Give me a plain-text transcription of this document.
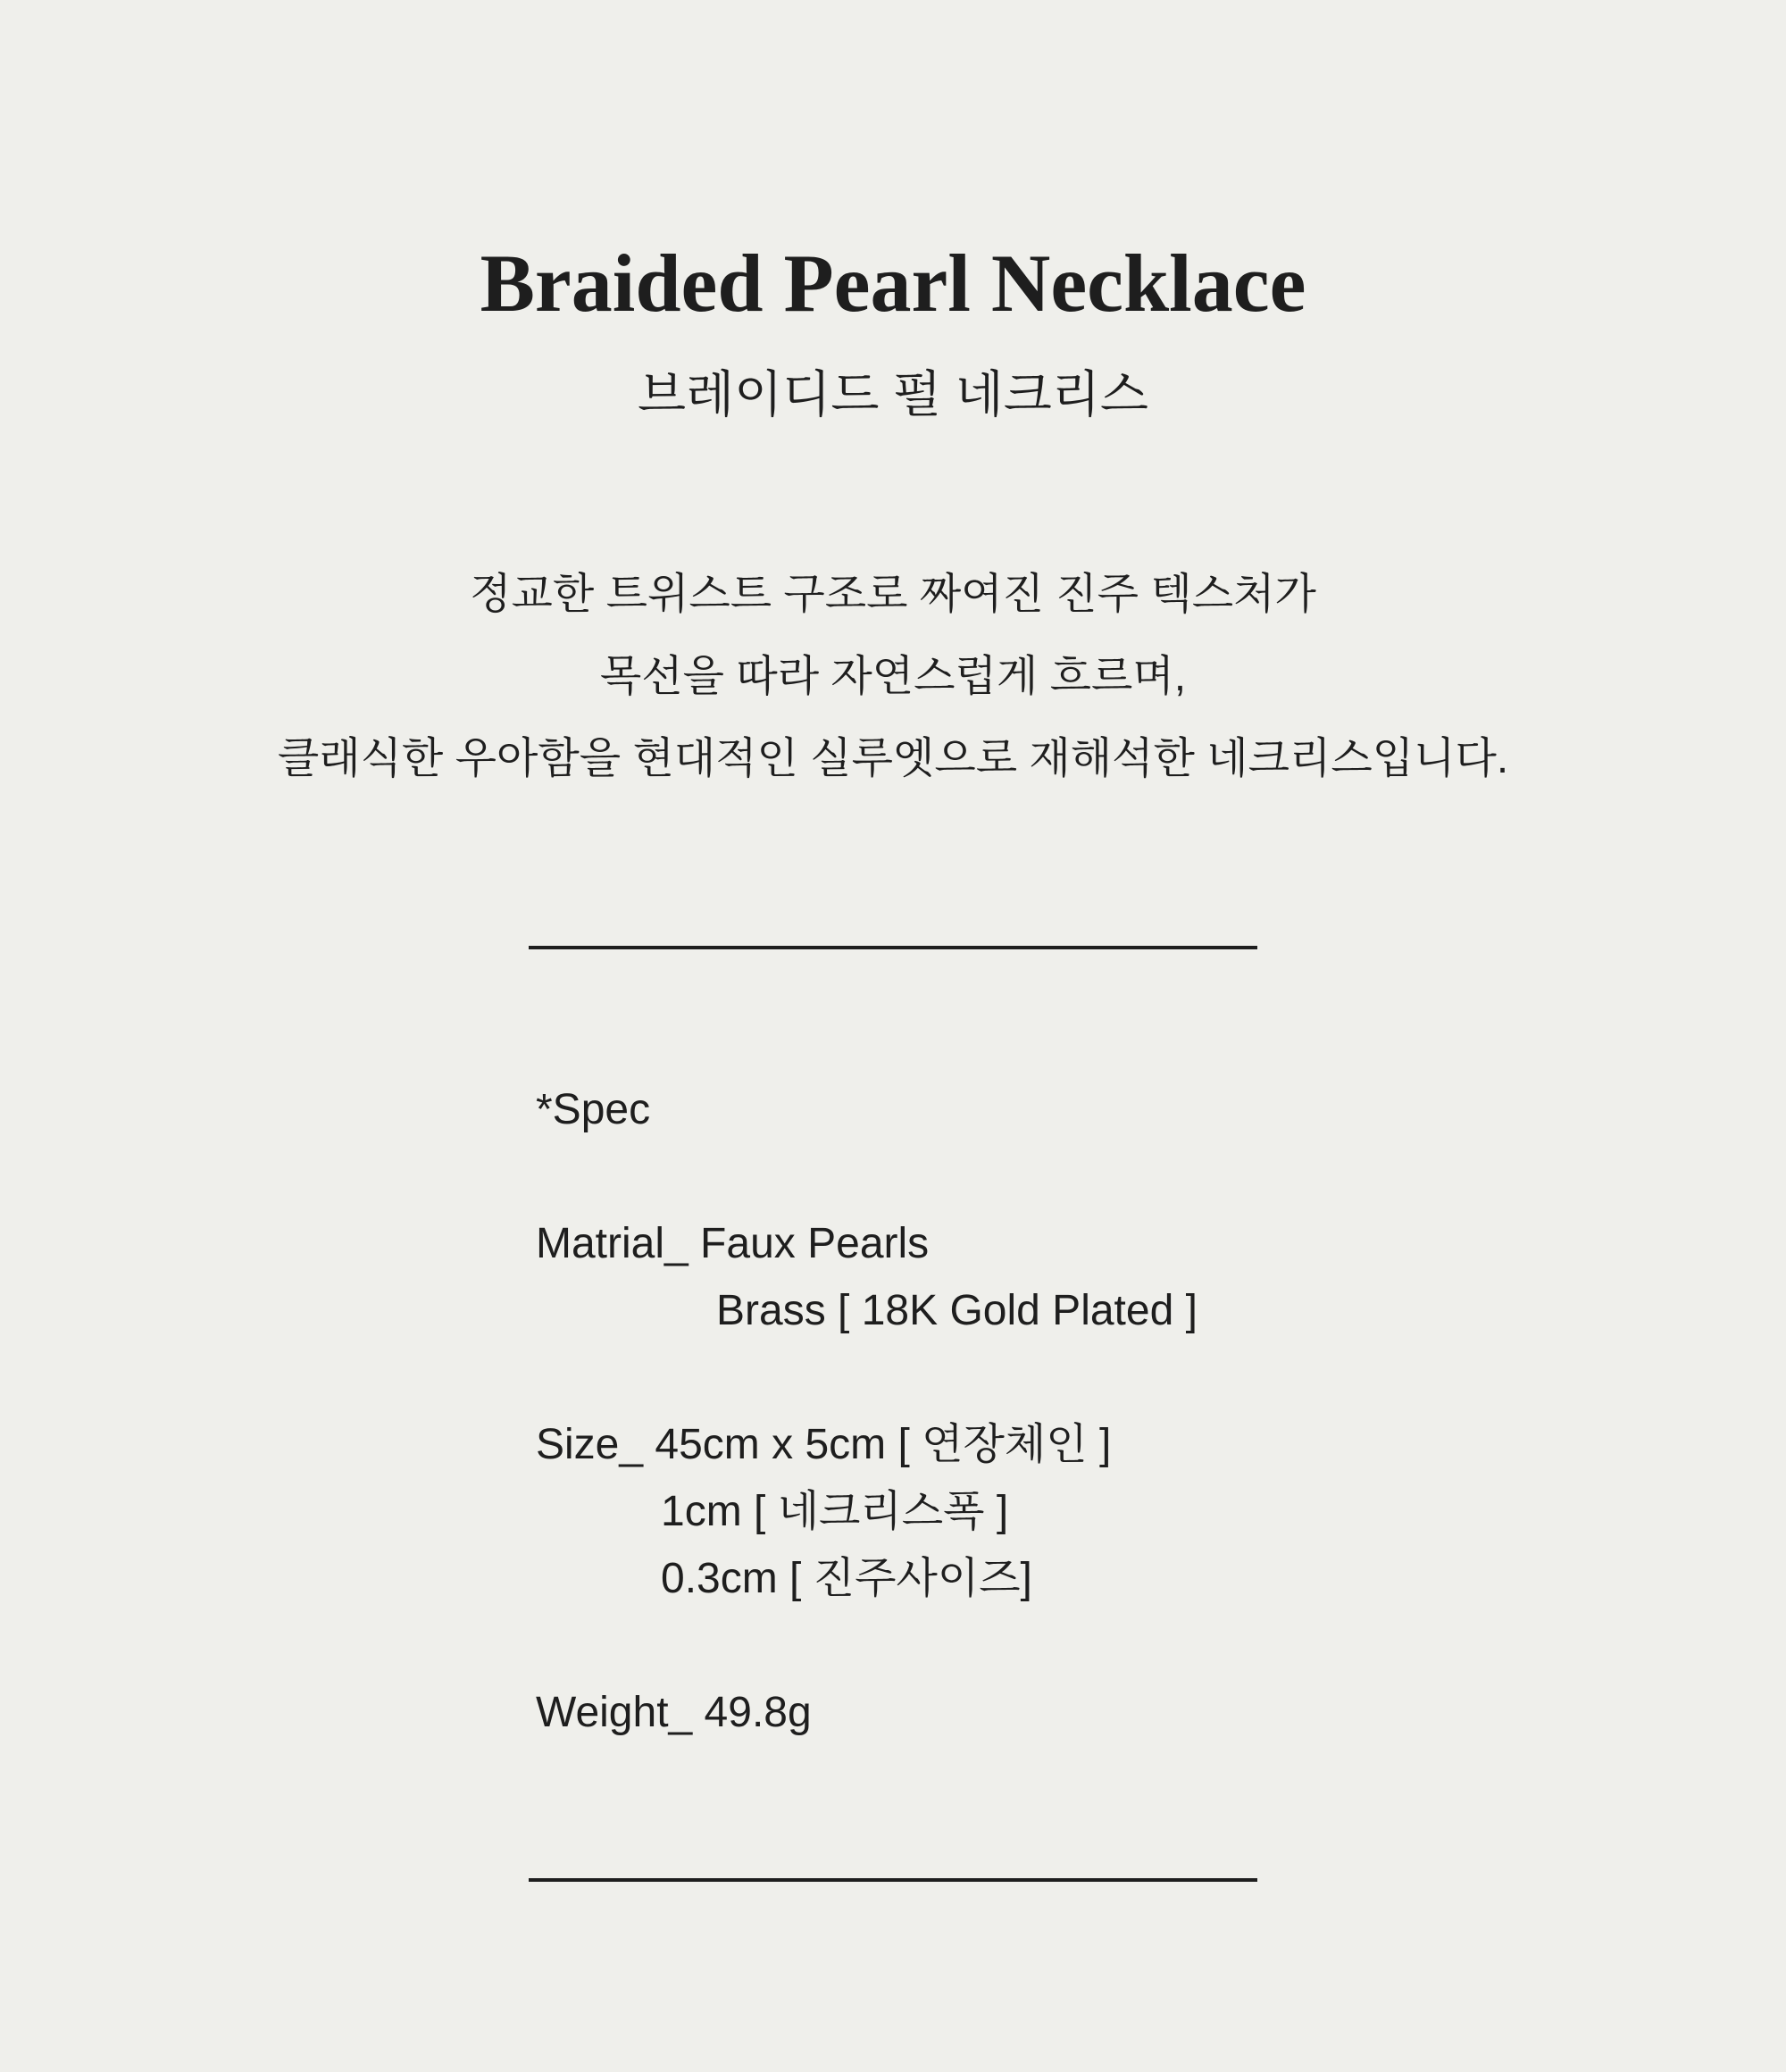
Braided Pearl Necklace
브레이디드 펄 네크리스
정교한 트위스트 구조로 짜여진 진주 텍스처가
목선을 따라 자연스럽게 흐르며,
클래식한 우아함을 현대적인 실루엣으로 재해석한 네크리스입니다.
*Spec
Matrial_ Faux Pearls
Brass [ 18K Gold Plated ]
Size_ 45cm x 5cm [ 연장체인 ]
1cm [ 네크리스폭 ]
0.3cm [ 진주사이즈]
Weight_ 49.8g
